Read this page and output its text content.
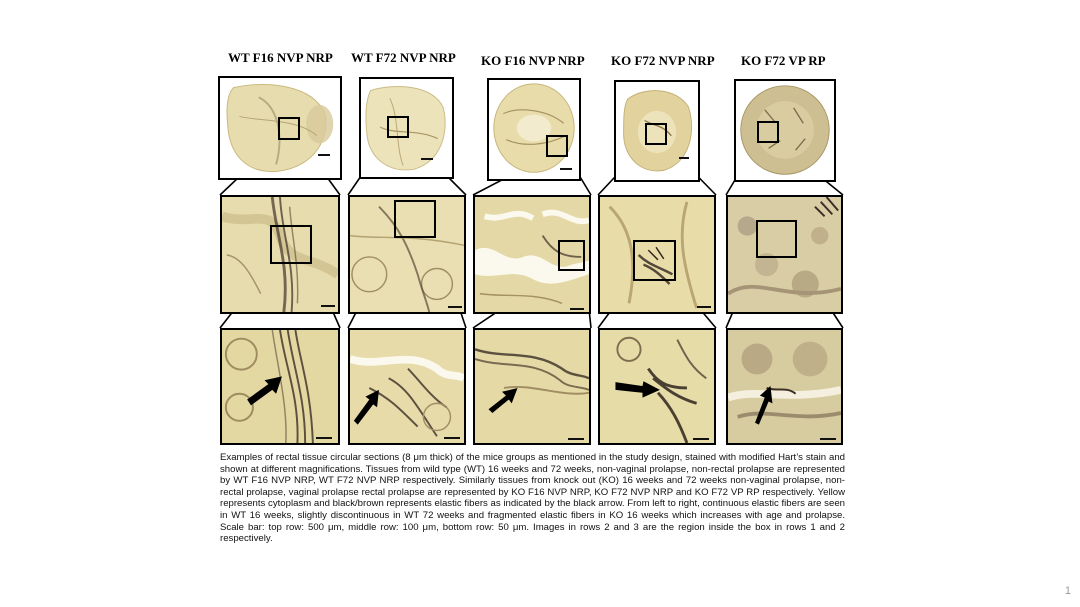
WT F16 NVP NRP WT F72 NVP NRP KO F16 NVP NRP KO F72 NVP NRP KO F72 VP RP
Examples of rectal tissue circular sections (8 μm thick) of the mice groups as mentioned in the study design, stained with modified Hart’s stain and shown at different magnifications. Tissues from wild type (WT) 16 weeks and 72 weeks, non-vaginal prolapse, non-rectal prolapse are represented by WT F16 NVP NRP, WT F72 NVP NRP respectively. Similarly tissues from knock out (KO) 16 weeks and 72 weeks non-vaginal prolapse, non-rectal prolapse, vaginal prolapse rectal prolapse are represented by KO F16 NVP NRP, KO F72 NVP NRP and KO F72 VP RP respectively. Yellow represents cytoplasm and black/brown represents elastic fibers as indicated by the black arrow. From left to right, continuous elastic fibers are seen in WT 16 weeks, slightly discontinuous in WT 72 weeks and fragmented elastic fibers in KO 16 weeks which increases with age and prolapse. Scale bar: top row: 500 μm, middle row: 100 μm, bottom row: 50 μm. Images in rows 2 and 3 are the region inside the box in rows 1 and 2 respectively.
1
